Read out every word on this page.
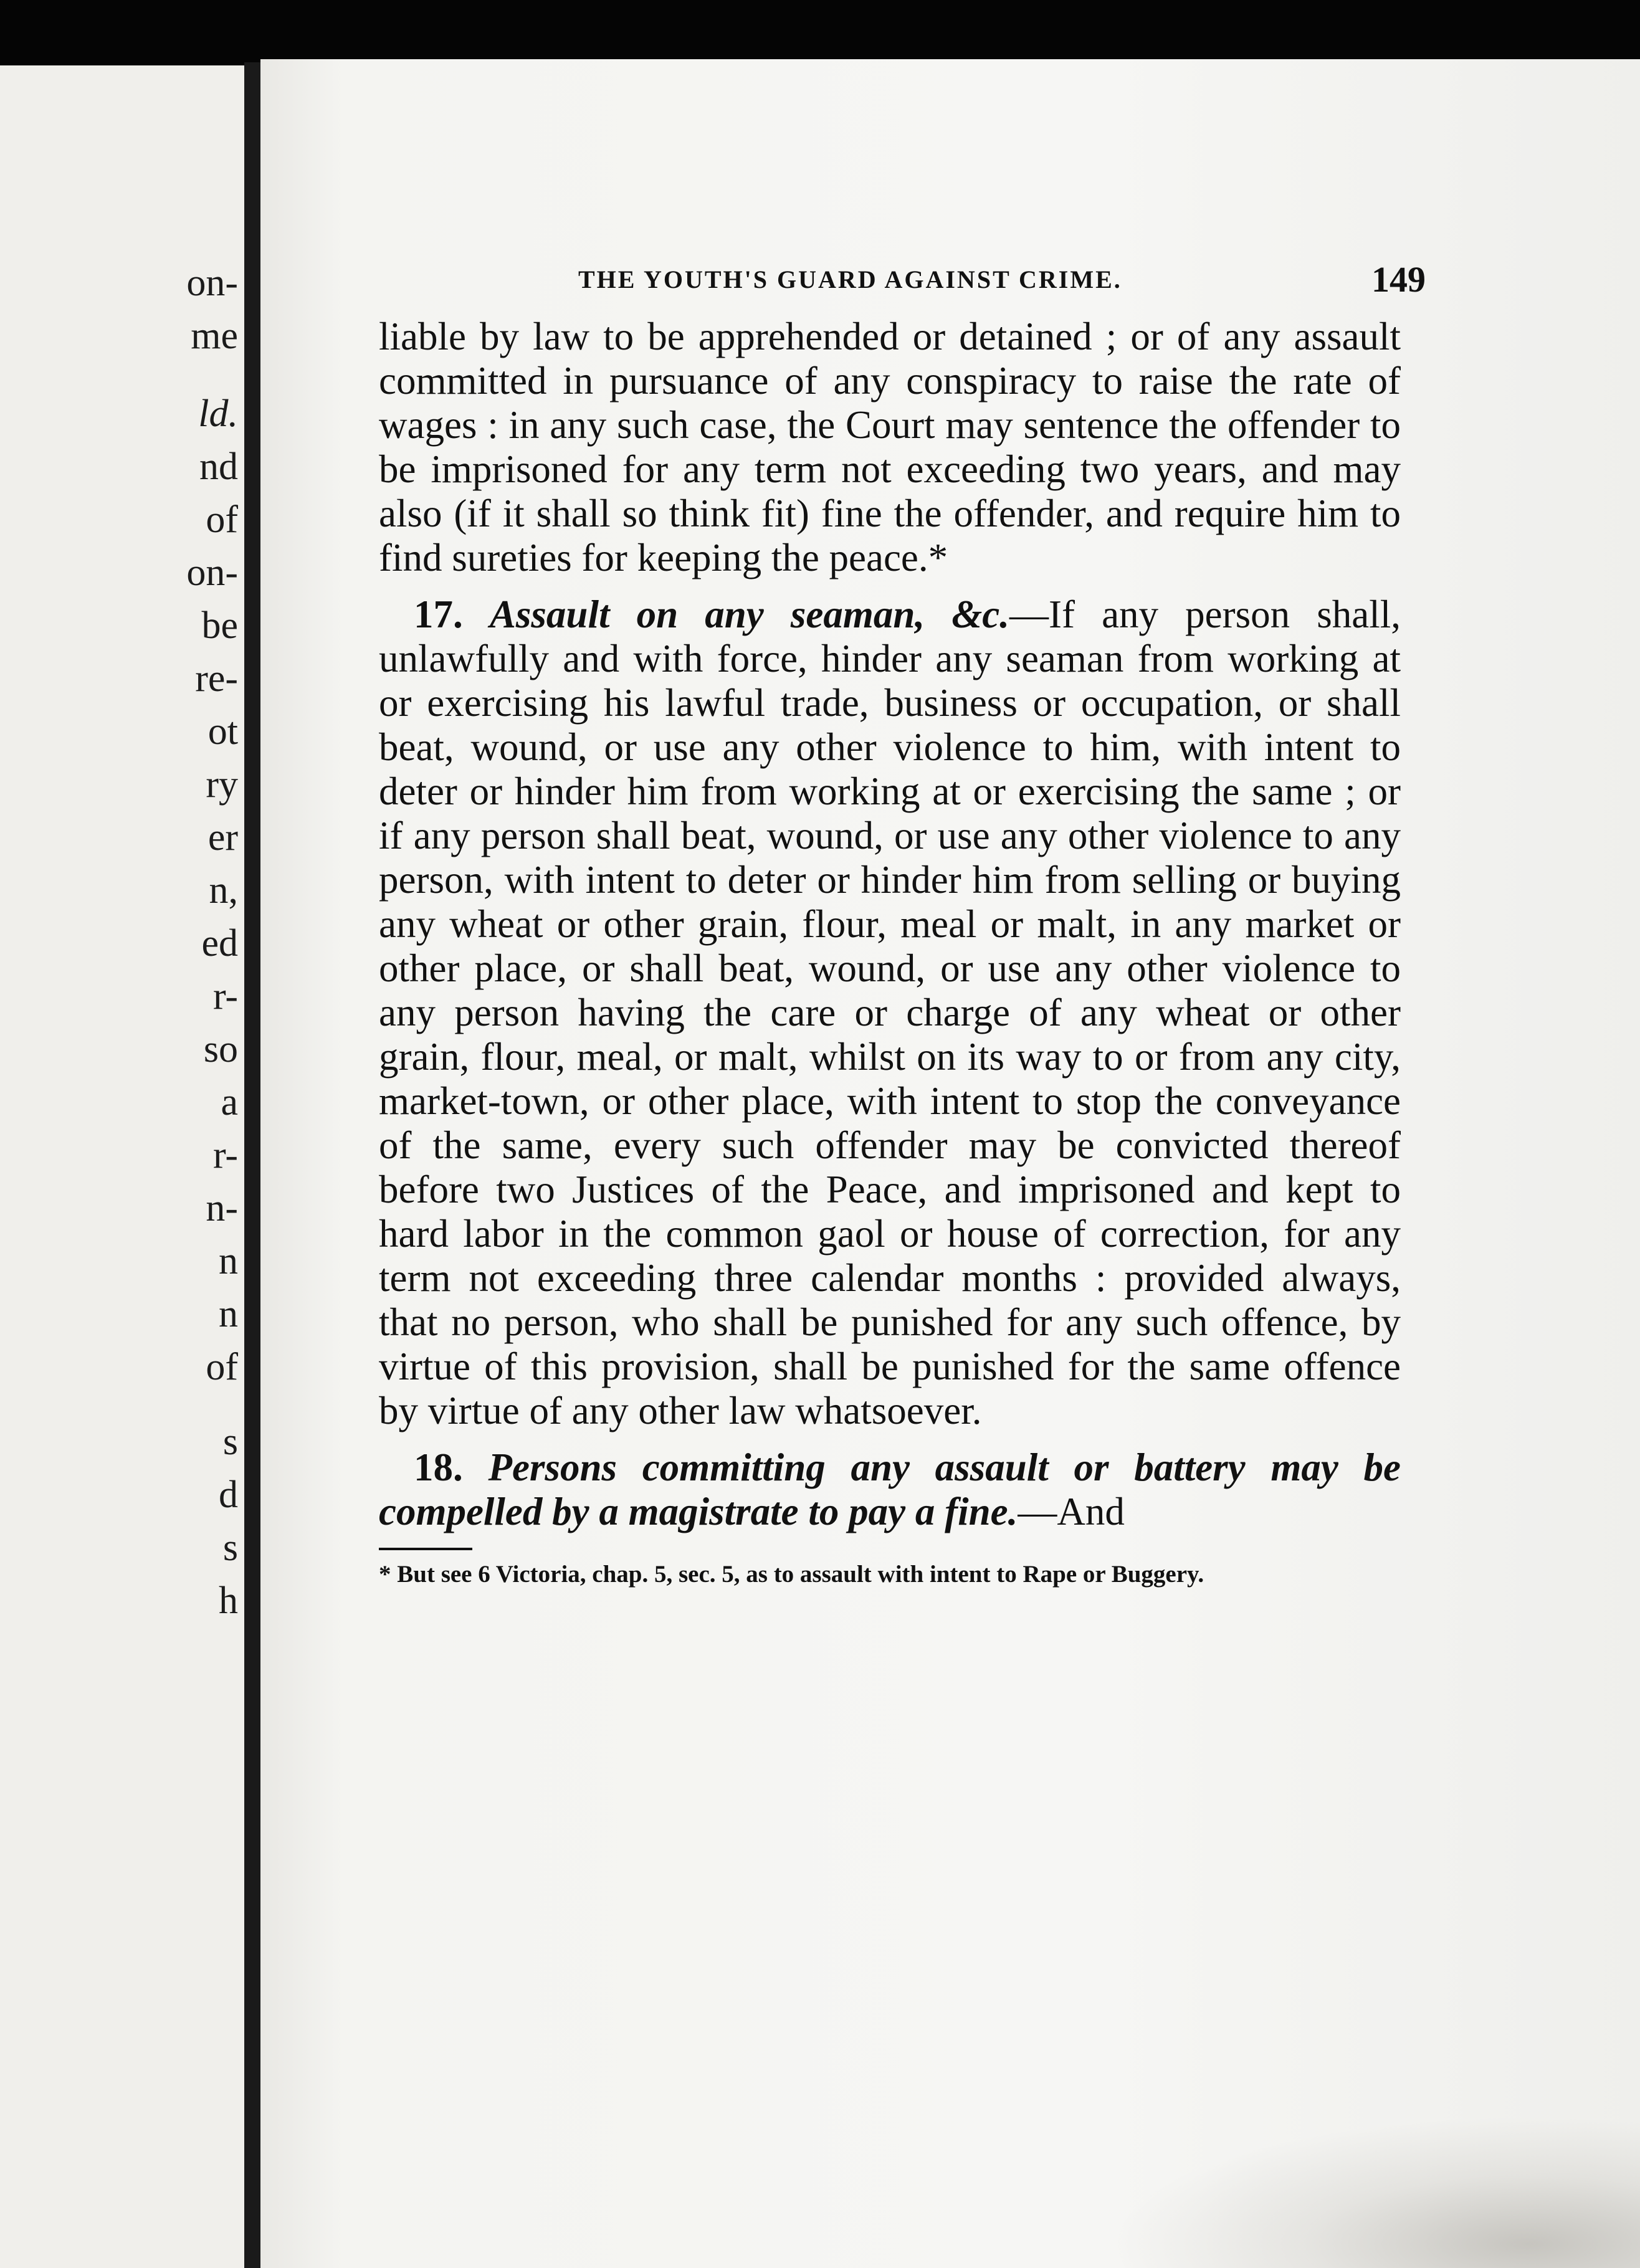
on-
me
ld.
nd
of
on-
be
re-
ot
ry
er
n,
ed
r-
so
a
r-
n-
n
n
of
s
d
s
h
THE YOUTH'S GUARD AGAINST CRIME.	149

liable by law to be apprehended or detained ; or of any assault committed in pursuance of any conspiracy to raise the rate of wages : in any such case, the Court may sentence the offender to be imprisoned for any term not exceeding two years, and may also (if it shall so think fit) fine the offender, and require him to find sureties for keeping the peace.*

17. Assault on any seaman, &c.—If any person shall, unlawfully and with force, hinder any seaman from working at or exercising his lawful trade, business or occupation, or shall beat, wound, or use any other violence to him, with intent to deter or hinder him from working at or exercising the same ; or if any person shall beat, wound, or use any other violence to any person, with intent to deter or hinder him from selling or buying any wheat or other grain, flour, meal or malt, in any market or other place, or shall beat, wound, or use any other violence to any person having the care or charge of any wheat or other grain, flour, meal, or malt, whilst on its way to or from any city, market-town, or other place, with intent to stop the conveyance of the same, every such offender may be convicted thereof before two Justices of the Peace, and imprisoned and kept to hard labor in the common gaol or house of correction, for any term not exceeding three calendar months : provided always, that no person, who shall be punished for any such offence, by virtue of this provision, shall be punished for the same offence by virtue of any other law whatsoever.

18. Persons committing any assault or battery may be compelled by a magistrate to pay a fine.—And

* But see 6 Victoria, chap. 5, sec. 5, as to assault with intent to Rape or Buggery.
